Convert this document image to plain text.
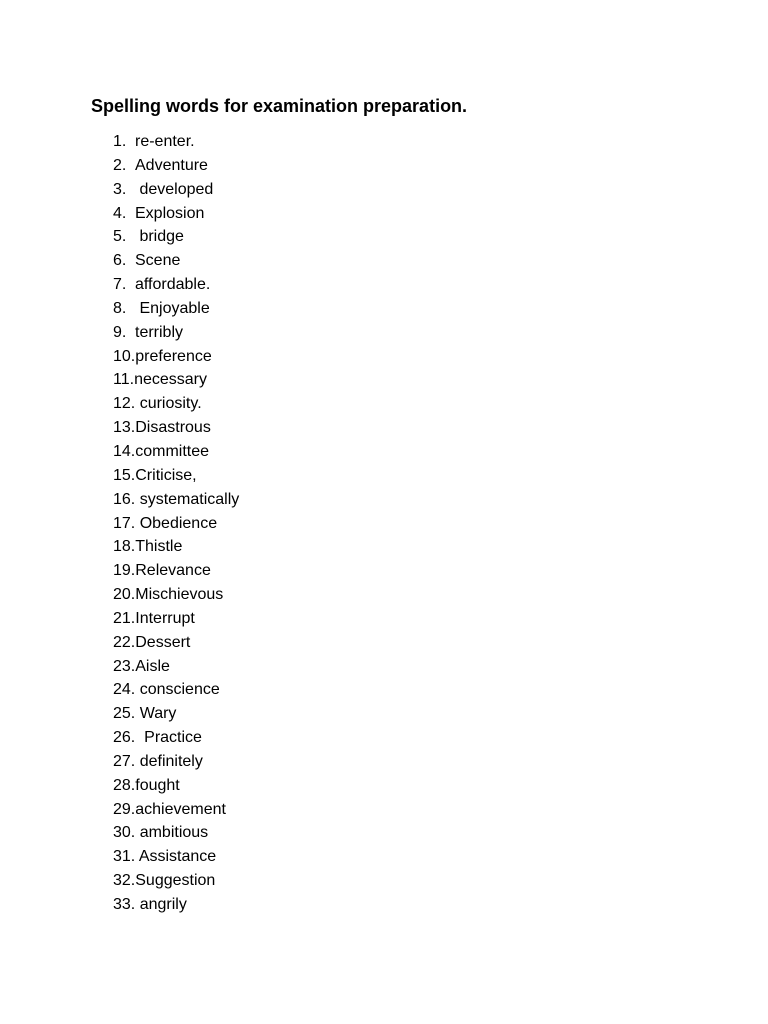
Spelling words for examination preparation.
1. re-enter.
2. Adventure
3. developed
4. Explosion
5. bridge
6. Scene
7. affordable.
8. Enjoyable
9. terribly
10.preference
11.necessary
12. curiosity.
13.Disastrous
14.committee
15.Criticise,
16. systematically
17. Obedience
18.Thistle
19.Relevance
20.Mischievous
21.Interrupt
22.Dessert
23.Aisle
24. conscience
25. Wary
26.  Practice
27. definitely
28.fought
29.achievement
30. ambitious
31. Assistance
32.Suggestion
33. angrily
